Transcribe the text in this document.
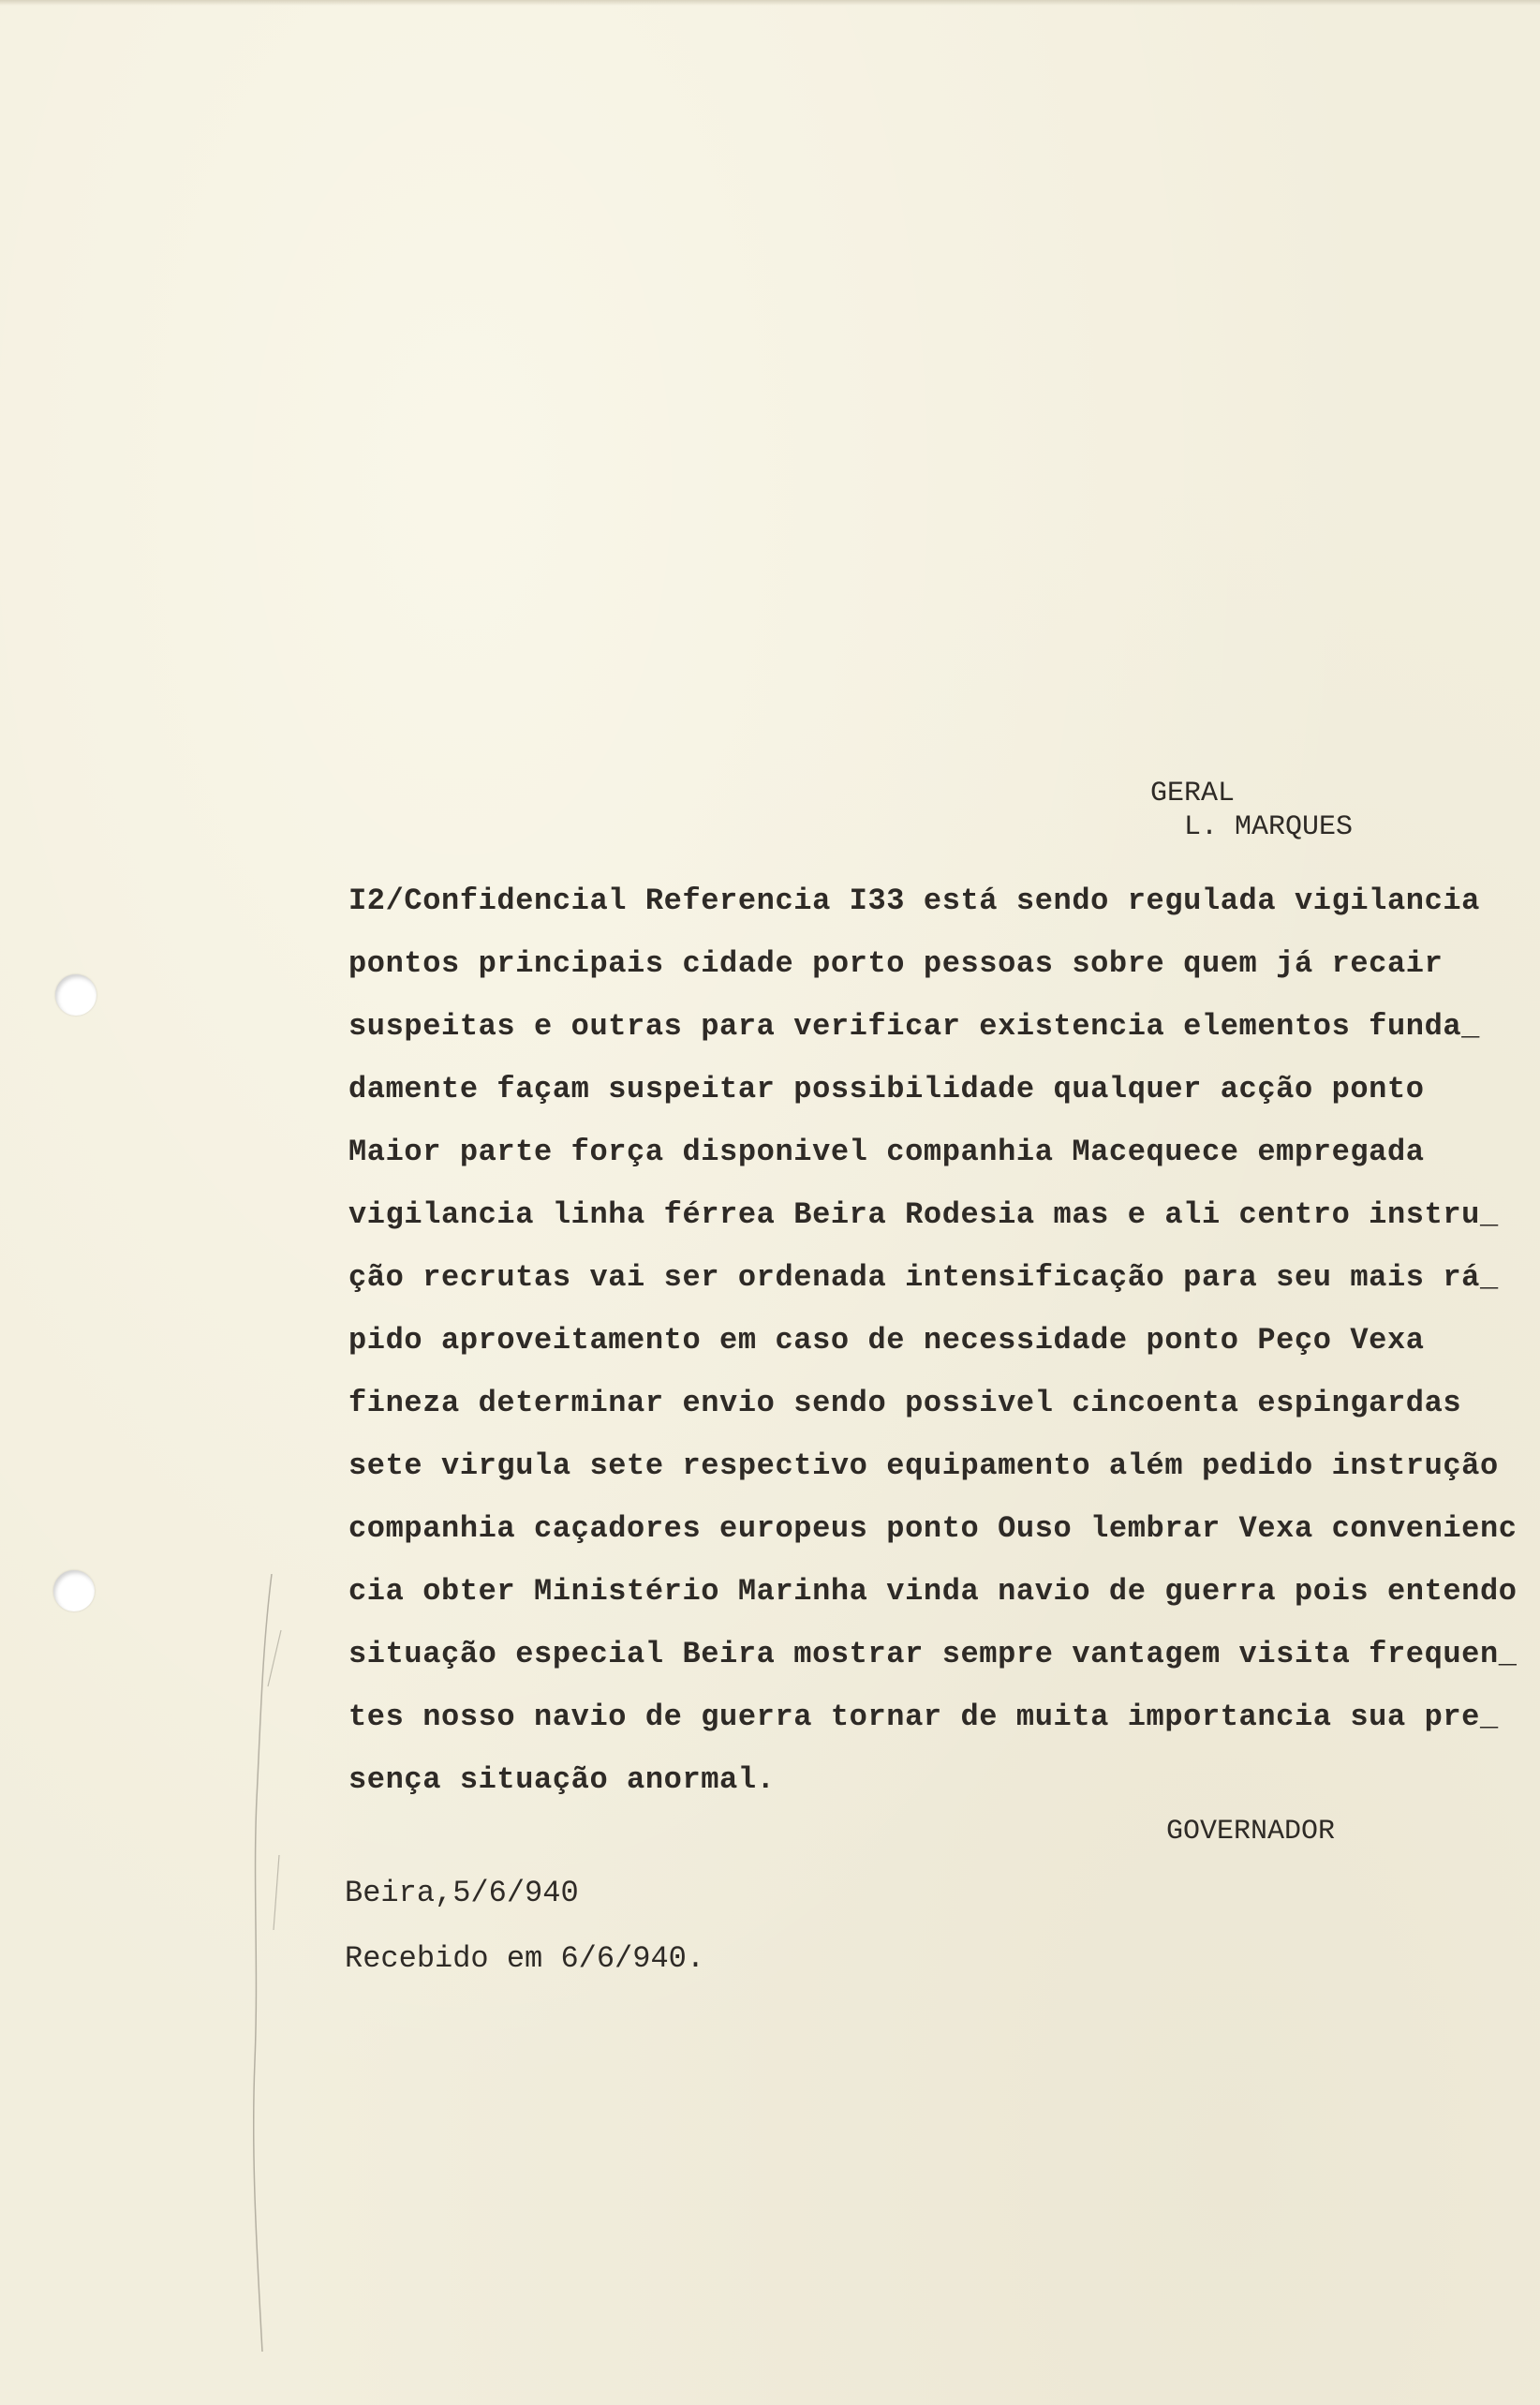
GERAL
L. MARQUES
I2/Confidencial Referencia I33 está sendo regulada vigilancia
pontos principais cidade porto pessoas sobre quem já recair
suspeitas e outras para verificar existencia elementos funda_
damente façam suspeitar possibilidade qualquer acção ponto
Maior parte força disponivel companhia Macequece empregada
vigilancia linha férrea Beira Rodesia mas e ali centro instru_
ção recrutas vai ser ordenada intensificação para seu mais rá_
pido aproveitamento em caso de necessidade ponto Peço Vexa
fineza determinar envio sendo possivel cincoenta espingardas
sete virgula sete respectivo equipamento além pedido instrução
companhia caçadores europeus ponto Ouso lembrar Vexa convenienc
cia obter Ministério Marinha vinda navio de guerra pois entendo
situação especial Beira mostrar sempre vantagem visita frequen_
tes nosso navio de guerra tornar de muita importancia sua pre_
sença situação anormal.
GOVERNADOR
Beira,5/6/940
Recebido em 6/6/940.
